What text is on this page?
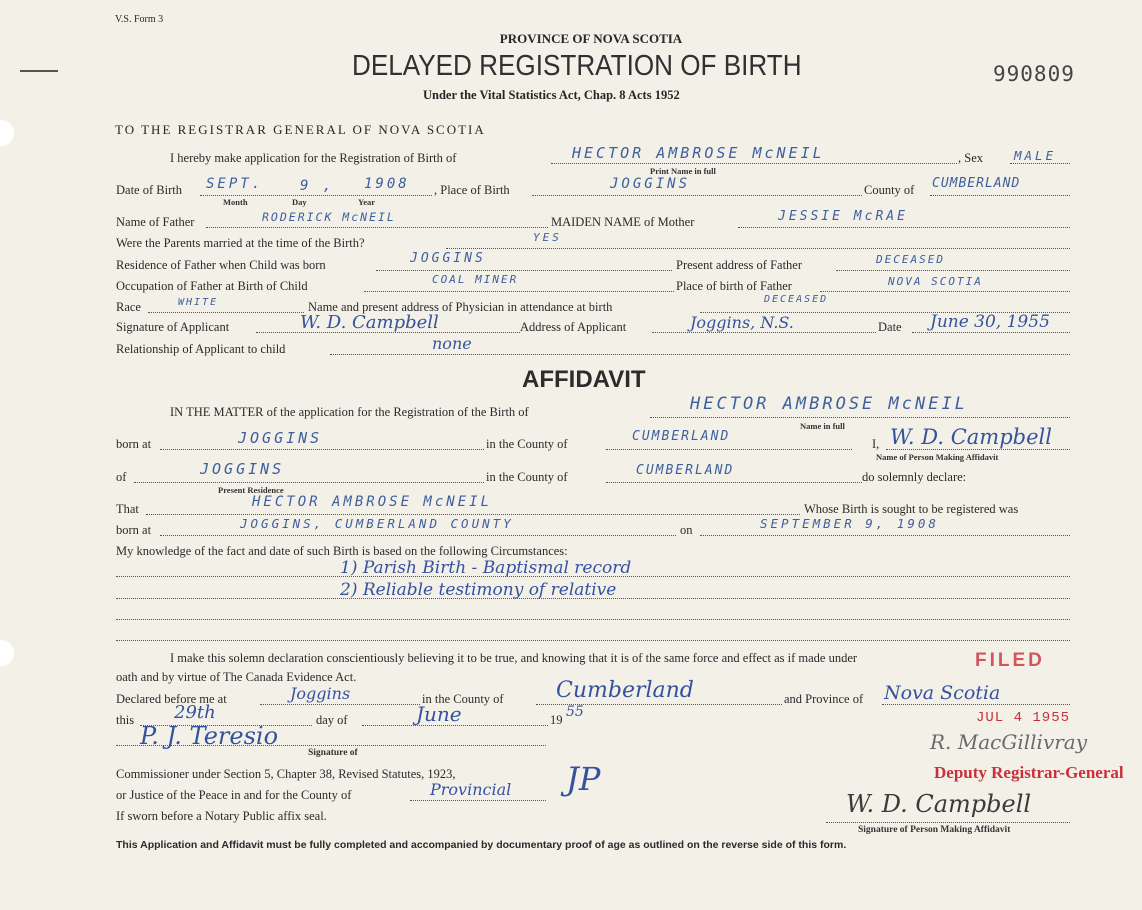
V.S. Form 3
PROVINCE OF NOVA SCOTIA
DELAYED REGISTRATION OF BIRTH
Under the Vital Statistics Act, Chap. 8 Acts 1952
990809
TO THE REGISTRAR GENERAL OF NOVA SCOTIA
I hereby make application for the Registration of Birth of	HECTOR AMBROSE McNEIL
Print Name in full
, Sex MALE
Date of Birth SEPT.	9 , 1908
Month	Day	Year
, Place of Birth	JOGGINS	County of CUMBERLAND
Name of Father	RODERICK McNEIL	MAIDEN NAME of Mother	JESSIE McRAE
Were the Parents married at the time of the Birth?	YES
Residence of Father when Child was born	JOGGINS	Present address of Father	DECEASED
Occupation of Father at Birth of Child	COAL MINER	Place of birth of Father	NOVA SCOTIA
Race	WHITE	Name and present address of Physician in attendance at birth
DECEASED
Signature of Applicant	W. D. Campbell	Address of Applicant	Joggins, N.S.	Date June 30, 1955
Relationship of Applicant to child	none
AFFIDAVIT
IN THE MATTER of the application for the Registration of the Birth of	HECTOR AMBROSE McNEIL
Name in full
born at	JOGGINS	in the County of	CUMBERLAND	I, W. D. Campbell
Name of Person Making Affidavit
of	JOGGINS
Present Residence
in the County of	CUMBERLAND	do solemnly declare:
That	HECTOR AMBROSE McNEIL	Whose Birth is sought to be registered was
born at	JOGGINS, CUMBERLAND COUNTY	on	SEPTEMBER 9, 1908
My knowledge of the fact and date of such Birth is based on the following Circumstances:
1) Parish Birth - Baptismal record
2) Reliable testimony of relative
I make this solemn declaration conscientiously believing it to be true, and knowing that it is of the same force and effect as if made under
oath and by virtue of The Canada Evidence Act.
Declared before me at	Joggins	in the County of Cumberland	and Province of Nova Scotia
this 29th	day of	June	19 55
P. J. Teresio
Signature of
Commissioner under Section 5, Chapter 38, Revised Statutes, 1923,
or Justice of the Peace in and for the County of	Provincial JP
If sworn before a Notary Public affix seal.	W. D. Campbell
Signature of Person Making Affidavit
FILED
JUL 4 1955
R. MacGillivray
Deputy Registrar-General
This Application and Affidavit must be fully completed and accompanied by documentary proof of age as outlined on the reverse side of this form.
